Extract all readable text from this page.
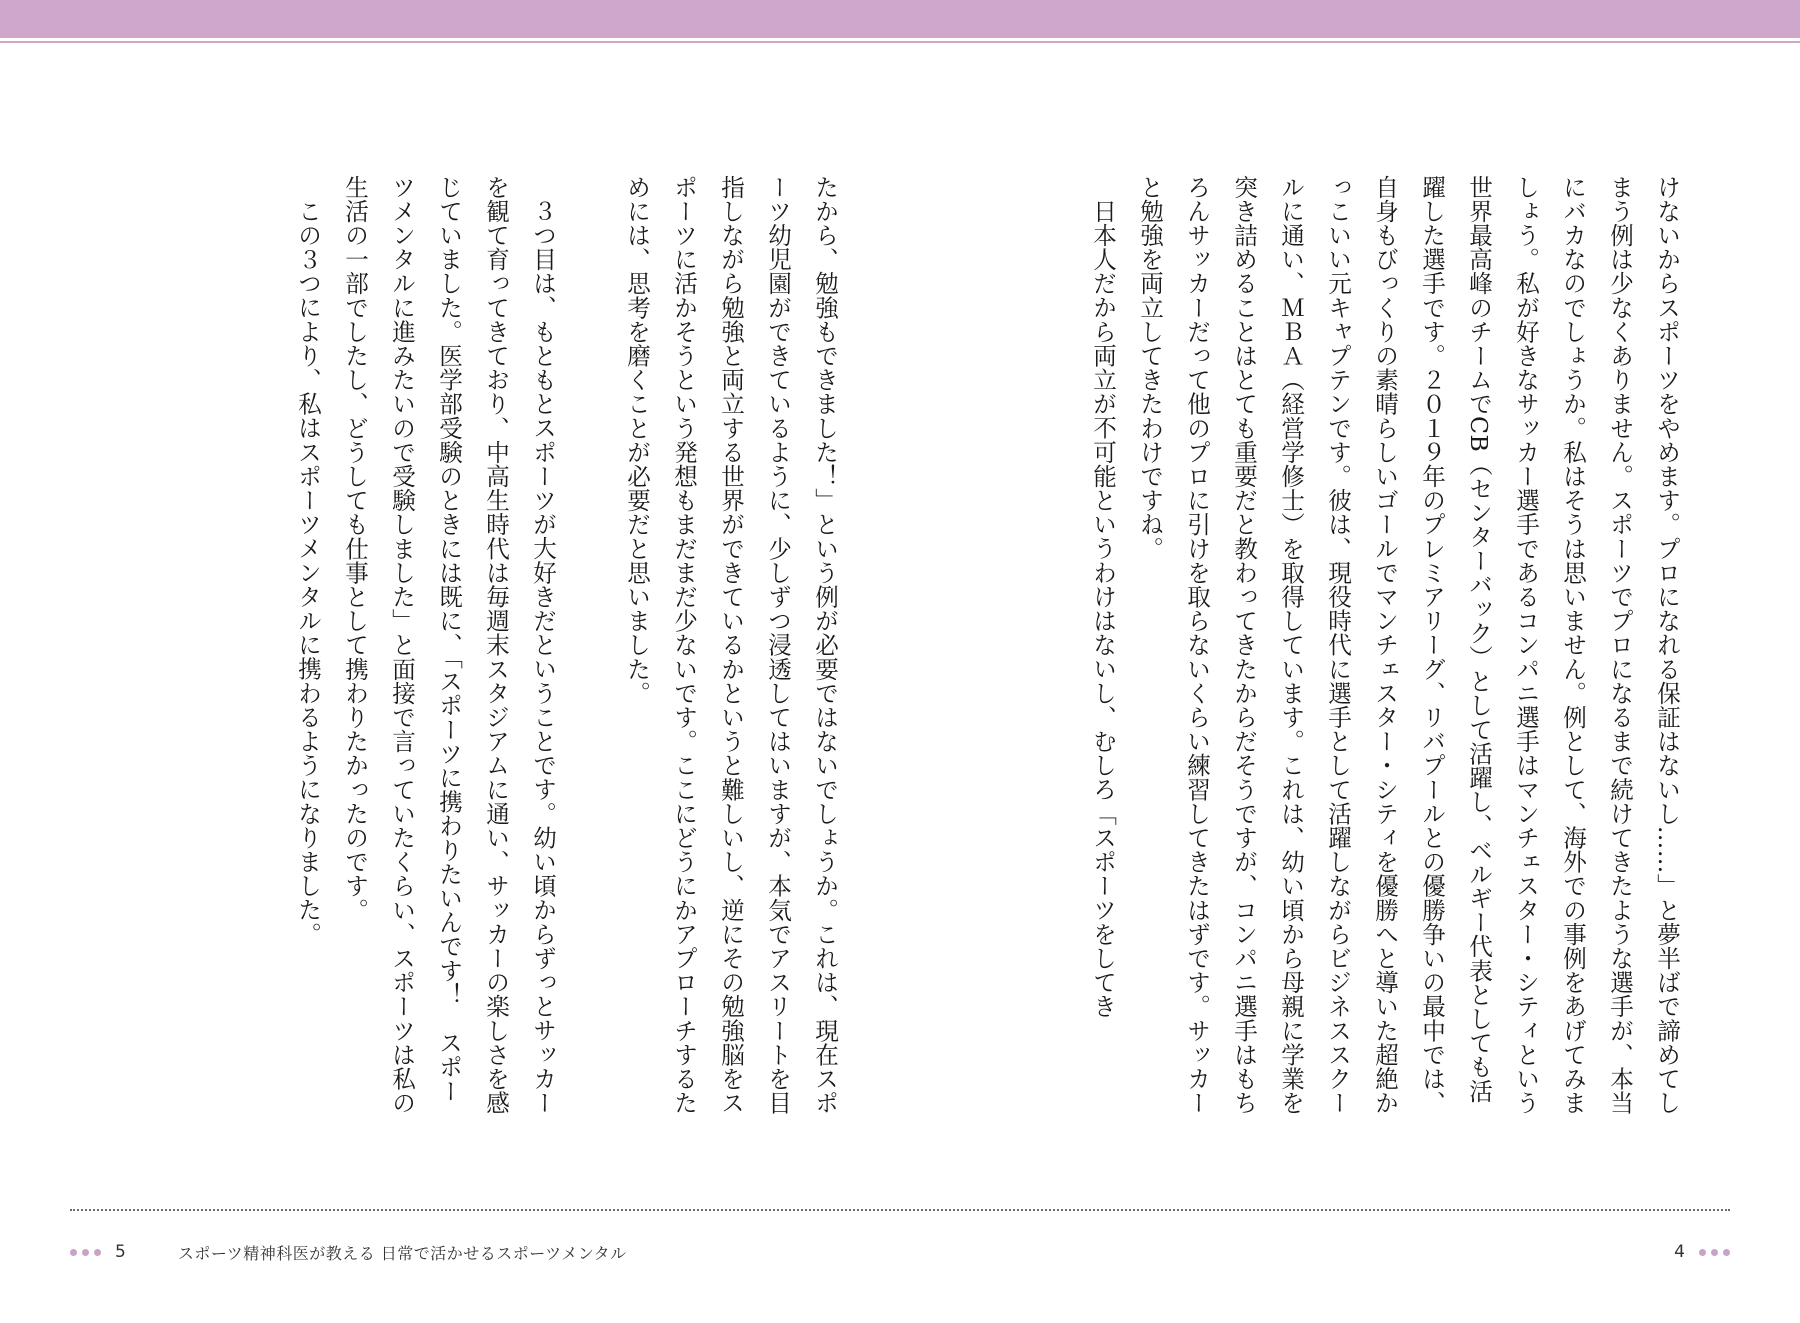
けないからスポーツをやめます。プロになれる保証はないし……」と夢半ばで諦めてしまう例は少なくありません。スポーツでプロになるまで続けてきたような選手が、本当にバカなのでしょうか。私はそうは思いません。例として、海外での事例をあげてみましょう。私が好きなサッカー選手であるコンパニ選手はマンチェスター・シティという世界最高峰のチームでCB（センターバック）として活躍し、ベルギー代表としても活躍した選手です。２０１９年のプレミアリーグ、リバプールとの優勝争いの最中では、自身もびっくりの素晴らしいゴールでマンチェスター・シティを優勝へと導いた超絶かっこいい元キャプテンです。彼は、現役時代に選手として活躍しながらビジネススクールに通い、ＭＢＡ（経営学修士）を取得しています。これは、幼い頃から母親に学業を突き詰めることはとても重要だと教わってきたからだそうですが、コンパニ選手はもちろんサッカーだって他のプロに引けを取らないくらい練習してきたはずです。サッカーと勉強を両立してきたわけですね。
日本人だから両立が不可能というわけはないし、むしろ「スポーツをしてき
たから、勉強もできました！」という例が必要ではないでしょうか。これは、現在スポーツ幼児園ができているように、少しずつ浸透してはいますが、本気でアスリートを目指しながら勉強と両立する世界ができているかというと難しいし、逆にその勉強脳をスポーツに活かそうという発想もまだまだ少ないです。ここにどうにかアプローチするためには、思考を磨くことが必要だと思いました。
３つ目は、もともとスポーツが大好きだということです。幼い頃からずっとサッカーを観て育ってきており、中高生時代は毎週末スタジアムに通い、サッカーの楽しさを感じていました。医学部受験のときには既に、「スポーツに携わりたいんです！　スポーツメンタルに進みたいので受験しました」と面接で言っていたくらい、スポーツは私の生活の一部でしたし、どうしても仕事として携わりたかったのです。
この３つにより、私はスポーツメンタルに携わるようになりました。
5	スポーツ精神科医が教える 日常で活かせるスポーツメンタル	4
